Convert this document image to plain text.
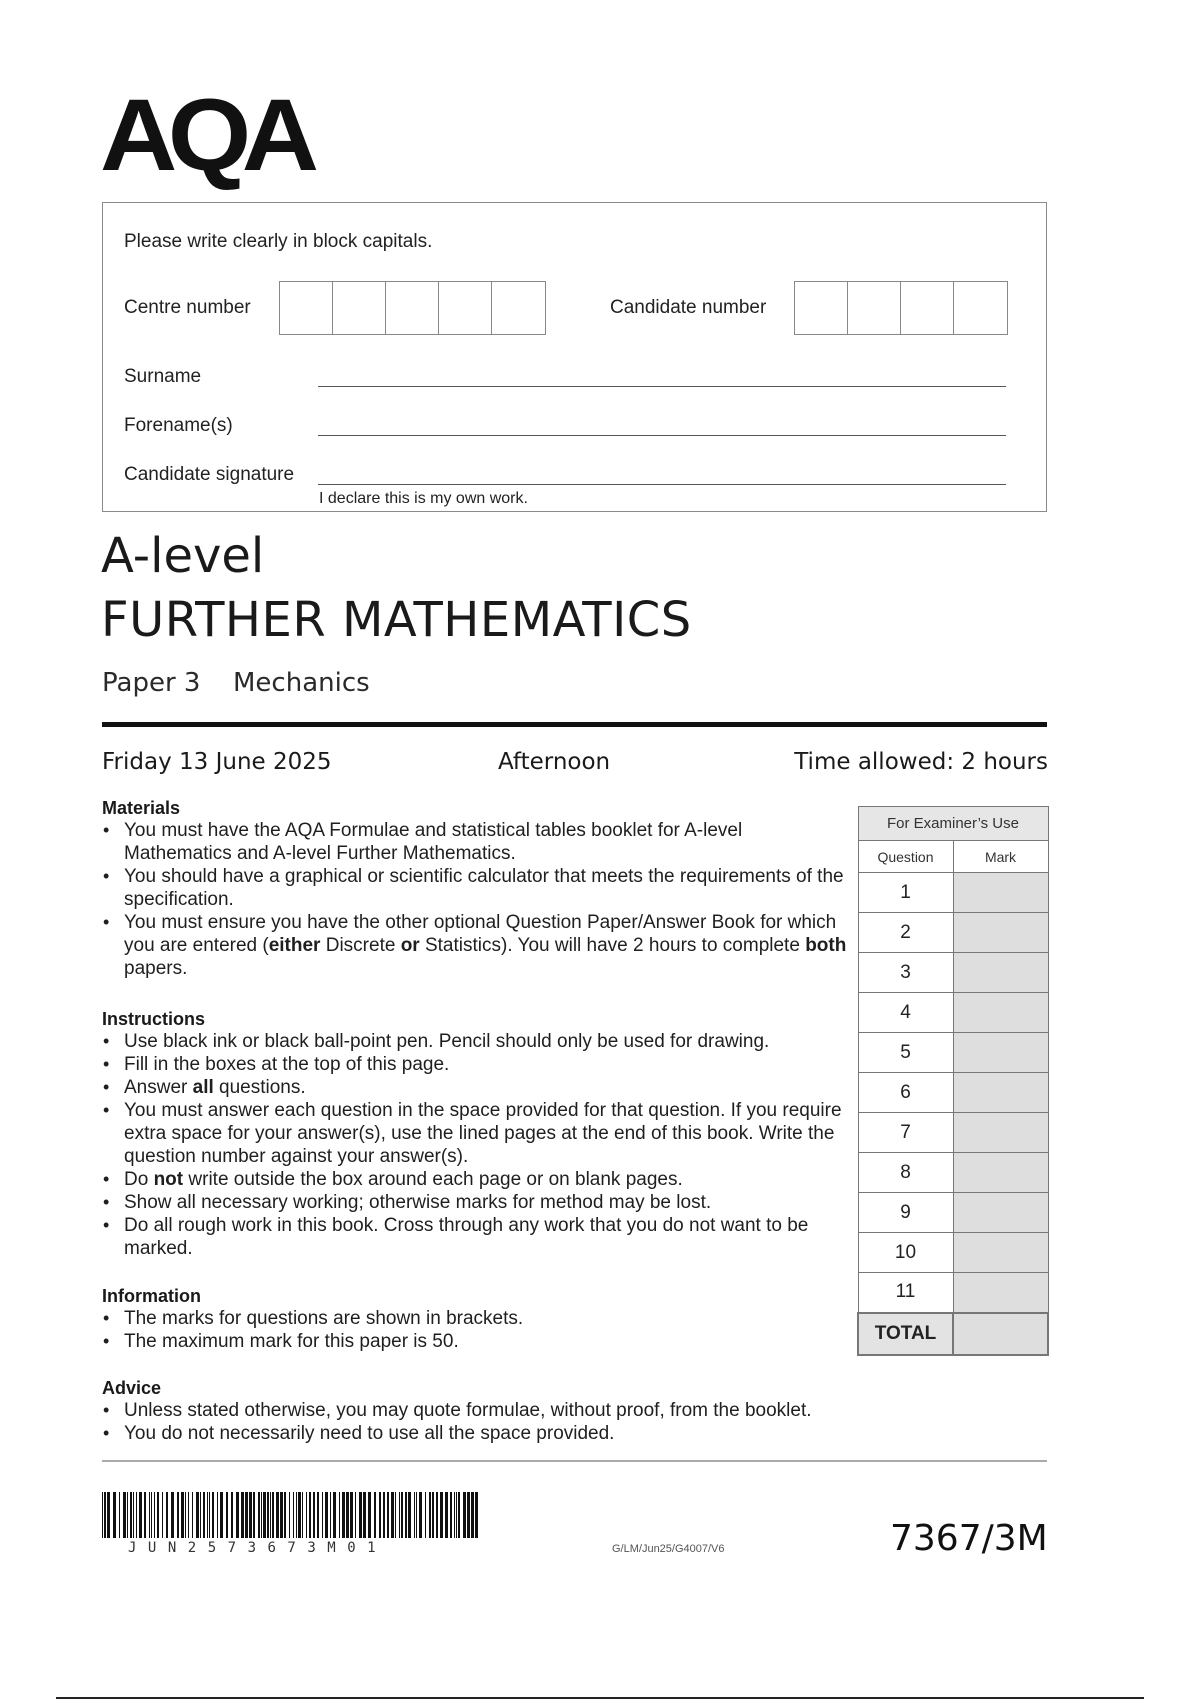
AQA
Please write clearly in block capitals.
Centre number	Candidate number
Surname
Forename(s)
Candidate signature
I declare this is my own work.
A-level
FURTHER MATHEMATICS
Paper 3 Mechanics
Friday 13 June 2025	Afternoon	Time allowed: 2 hours
Materials
• You must have the AQA Formulae and statistical tables booklet for A-level Mathematics and A-level Further Mathematics.
• You should have a graphical or scientific calculator that meets the requirements of the specification.
• You must ensure you have the other optional Question Paper/Answer Book for which you are entered (either Discrete or Statistics). You will have 2 hours to complete both papers.
Instructions
• Use black ink or black ball-point pen. Pencil should only be used for drawing.
• Fill in the boxes at the top of this page.
• Answer all questions.
• You must answer each question in the space provided for that question. If you require extra space for your answer(s), use the lined pages at the end of this book. Write the question number against your answer(s).
• Do not write outside the box around each page or on blank pages.
• Show all necessary working; otherwise marks for method may be lost.
• Do all rough work in this book. Cross through any work that you do not want to be marked.
Information
• The marks for questions are shown in brackets.
• The maximum mark for this paper is 50.
Advice
• Unless stated otherwise, you may quote formulae, without proof, from the booklet.
• You do not necessarily need to use all the space provided.
For Examiner’s Use	
Question	Mark
1	
2	
3	
4	
5	
6	
7	
8	
9	
10	
11	
TOTAL	
JUN2573673M01	G/LM/Jun25/G4007/V6	7367/3M
